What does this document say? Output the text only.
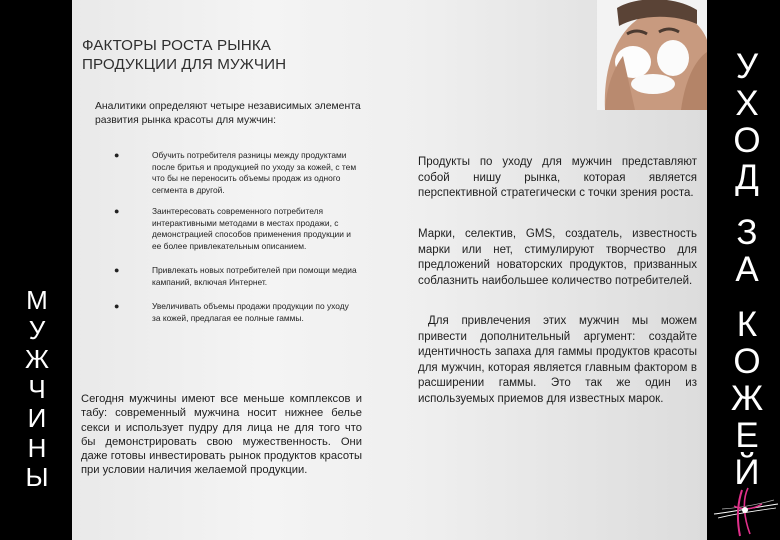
М
У
Ж
Ч
И
Н
Ы
У
Х
О
Д
З
А
К
О
Ж
Е
Й
ФАКТОРЫ РОСТА РЫНКА
ПРОДУКЦИИ ДЛЯ МУЖЧИН
Аналитики определяют четыре независимых элемента развития рынка красоты для мужчин:
●	Обучить потребителя разницы между продуктами после бритья и продукцией по уходу за кожей, с тем что бы не переносить объемы продаж из одного сегмента в другой.
●	Заинтересовать современного потребителя интерактивными методами в местах продажи, с демонстрацией способов применения продукции и ее более привлекательным описанием.
●	Привлекать новых потребителей при помощи медиа кампаний, включая Интернет.
●	Увеличивать объемы продажи продукции по уходу за кожей, предлагая ее полные гаммы.
Сегодня мужчины имеют все меньше комплексов и табу: современный мужчина носит нижнее белье секси и использует пудру для лица не для того что бы демонстрировать свою мужественность. Они даже готовы инвестировать рынок продуктов красоты при условии наличия желаемой продукции.
Продукты по уходу для мужчин представляют собой нишу рынка, которая является перспективной стратегически с точки зрения роста.
Марки, селектив, GMS, создатель, известность марки или нет, стимулируют творчество для предложений новаторских продуктов, призванных соблазнить наибольшее количество потребителей.
Для привлечения этих мужчин мы можем привести дополнительный аргумент: создайте идентичность запаха для гаммы продуктов красоты для мужчин, которая является главным фактором в расширении гаммы. Это так же один из используемых приемов для известных марок.
